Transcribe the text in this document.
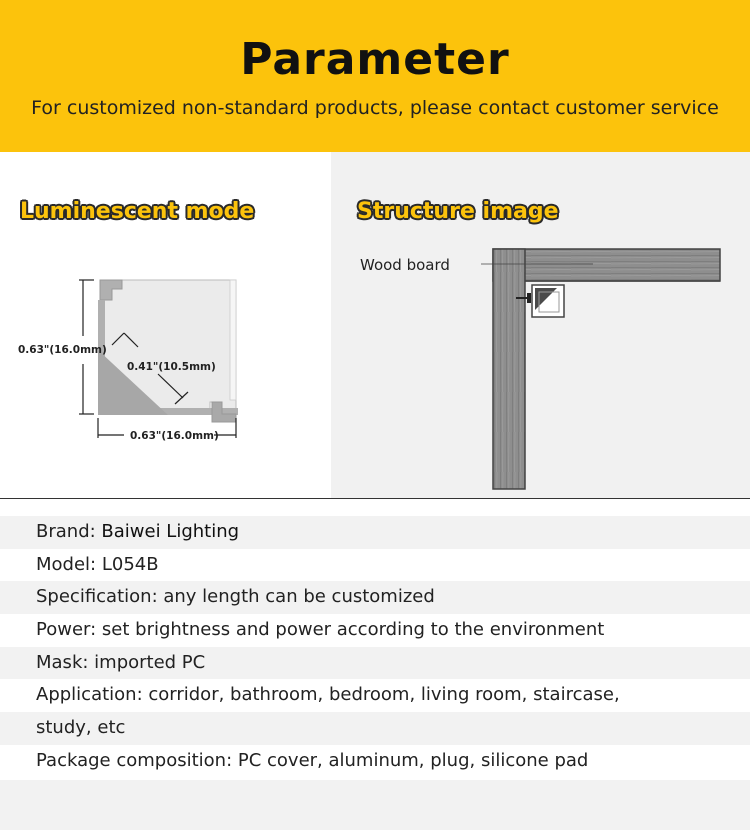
Parameter
For customized non-standard products, please contact customer service
Luminescent mode
0.63"(16.0mm)
0.63"(16.0mm)
0.41"(10.5mm)
Structure image
Wood board
Brand: Baiwei Lighting
Model: L054B
Specification: any length can be customized
Power: set brightness and power according to the environment
Mask: imported PC
Application: corridor, bathroom, bedroom, living room, staircase,
study, etc
Package composition: PC cover, aluminum, plug, silicone pad
